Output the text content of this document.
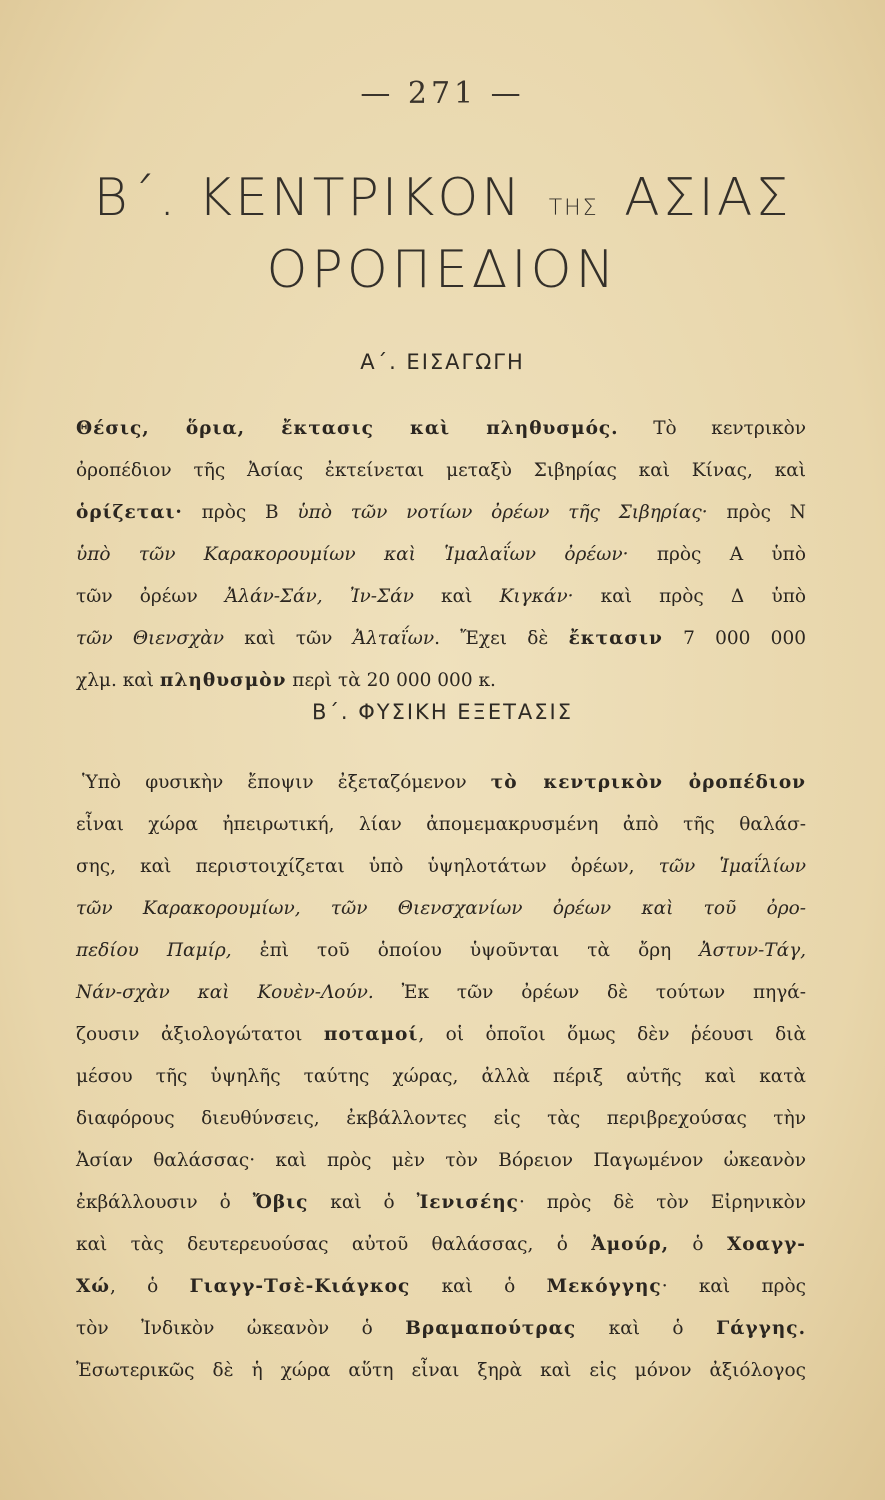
— 271 —
Β΄. ΚΕΝΤΡΙΚΟΝ ΤΗΣ ΑΣΙΑΣ
ΟΡΟΠΕΔΙΟΝ
Α΄. ΕΙΣΑΓΩΓΗ
Θέσις, ὅρια, ἔκτασις καὶ πληθυσμός. Τὸ κεντρικὸν
ὀροπέδιον τῆς Ἀσίας ἐκτείνεται μεταξὺ Σιβηρίας καὶ Κίνας, καὶ
ὁρίζεται· πρὸς Β ὑπὸ τῶν νοτίων ὀρέων τῆς Σιβηρίας· πρὸς Ν
ὑπὸ τῶν Καρακορουμίων καὶ Ἱμαλαΐων ὀρέων· πρὸς Α ὑπὸ
τῶν ὀρέων Ἀλάν-Σάν, Ἰν-Σάν καὶ Κιγκάν· καὶ πρὸς Δ ὑπὸ
τῶν Θιενσχὰν καὶ τῶν Ἀλταΐων. Ἔχει δὲ ἔκτασιν 7 000 000
χλμ. καὶ πληθυσμὸν περὶ τὰ 20 000 000 κ.
Β΄. ΦΥΣΙΚΗ ΕΞΕΤΑΣΙΣ
Ὑπὸ φυσικὴν ἔποψιν ἐξεταζόμενον τὸ κεντρικὸν ὀροπέδιον
εἶναι χώρα ἠπειρωτική, λίαν ἀπομεμακρυσμένη ἀπὸ τῆς θαλάσ-
σης, καὶ περιστοιχίζεται ὑπὸ ὑψηλοτάτων ὀρέων, τῶν Ἱμαΐλίων
τῶν Καρακορουμίων, τῶν Θιενσχανίων ὀρέων καὶ τοῦ ὀρο-
πεδίου Παμίρ, ἐπὶ τοῦ ὁποίου ὑψοῦνται τὰ ὄρη Ἀστυν-Τάγ,
Νάν-σχὰν καὶ Κουὲν-Λούν. Ἐκ τῶν ὀρέων δὲ τούτων πηγά-
ζουσιν ἀξιολογώτατοι ποταμοί, οἱ ὁποῖοι ὅμως δὲν ῥέουσι διὰ
μέσου τῆς ὑψηλῆς ταύτης χώρας, ἀλλὰ πέριξ αὐτῆς καὶ κατὰ
διαφόρους διευθύνσεις, ἐκβάλλοντες εἰς τὰς περιβρεχούσας τὴν
Ἀσίαν θαλάσσας· καὶ πρὸς μὲν τὸν Βόρειον Παγωμένον ὠκεανὸν
ἐκβάλλουσιν ὁ Ὄβις καὶ ὁ Ἰενισέης· πρὸς δὲ τὸν Εἰρηνικὸν
καὶ τὰς δευτερευούσας αὐτοῦ θαλάσσας, ὁ Ἀμούρ, ὁ Χοαγγ-
Χώ, ὁ Γιαγγ-Τσὲ-Κιάγκος καὶ ὁ Μεκόγγης· καὶ πρὸς
τὸν Ἰνδικὸν ὠκεανὸν ὁ Βραμαπούτρας καὶ ὁ Γάγγης.
Ἐσωτερικῶς δὲ ἡ χώρα αὕτη εἶναι ξηρὰ καὶ εἰς μόνον ἀξιόλογος
